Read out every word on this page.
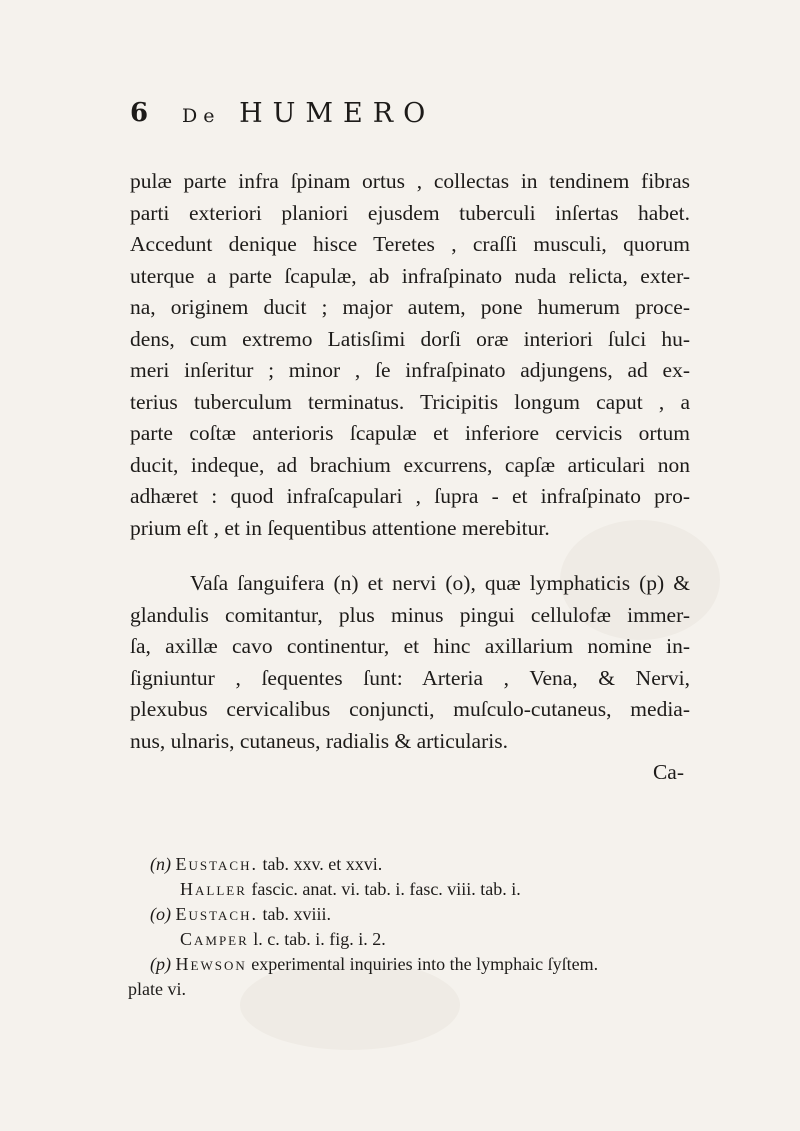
6 De HUMERO
pulæ parte infra ſpinam ortus , collectas in tendinem fibras
parti exteriori planiori ejusdem tuberculi inſertas habet.
Accedunt denique hisce Teretes , craſſi musculi, quorum
uterque a parte ſcapulæ, ab infraſpinato nuda relicta, exter-
na, originem ducit ; major autem, pone humerum proce-
dens, cum extremo Latisſimi dorſi oræ interiori ſulci hu-
meri inſeritur ; minor , ſe infraſpinato adjungens, ad ex-
terius tuberculum terminatus. Tricipitis longum caput , a
parte coſtæ anterioris ſcapulæ et inferiore cervicis ortum
ducit, indeque, ad brachium excurrens, capſæ articulari non
adhæret : quod infraſcapulari , ſupra - et infraſpinato pro-
prium eſt , et in ſequentibus attentione merebitur.
Vaſa ſanguifera (n) et nervi (o), quæ lymphaticis (p) &
glandulis comitantur, plus minus pingui cellulofæ immer-
ſa, axillæ cavo continentur, et hinc axillarium nomine in-
ſigniuntur , ſequentes ſunt: Arteria , Vena, & Nervi,
plexubus cervicalibus conjuncti, muſculo-cutaneus, media-
nus, ulnaris, cutaneus, radialis & articularis.
Ca-
(n) Eustach. tab. xxv. et xxvi.
Haller fascic. anat. vi. tab. i. fasc. viii. tab. i.
(o) Eustach. tab. xviii.
Camper l. c. tab. i. fig. i. 2.
(p) Hewson experimental inquiries into the lymphaic ſyſtem.
plate vi.
